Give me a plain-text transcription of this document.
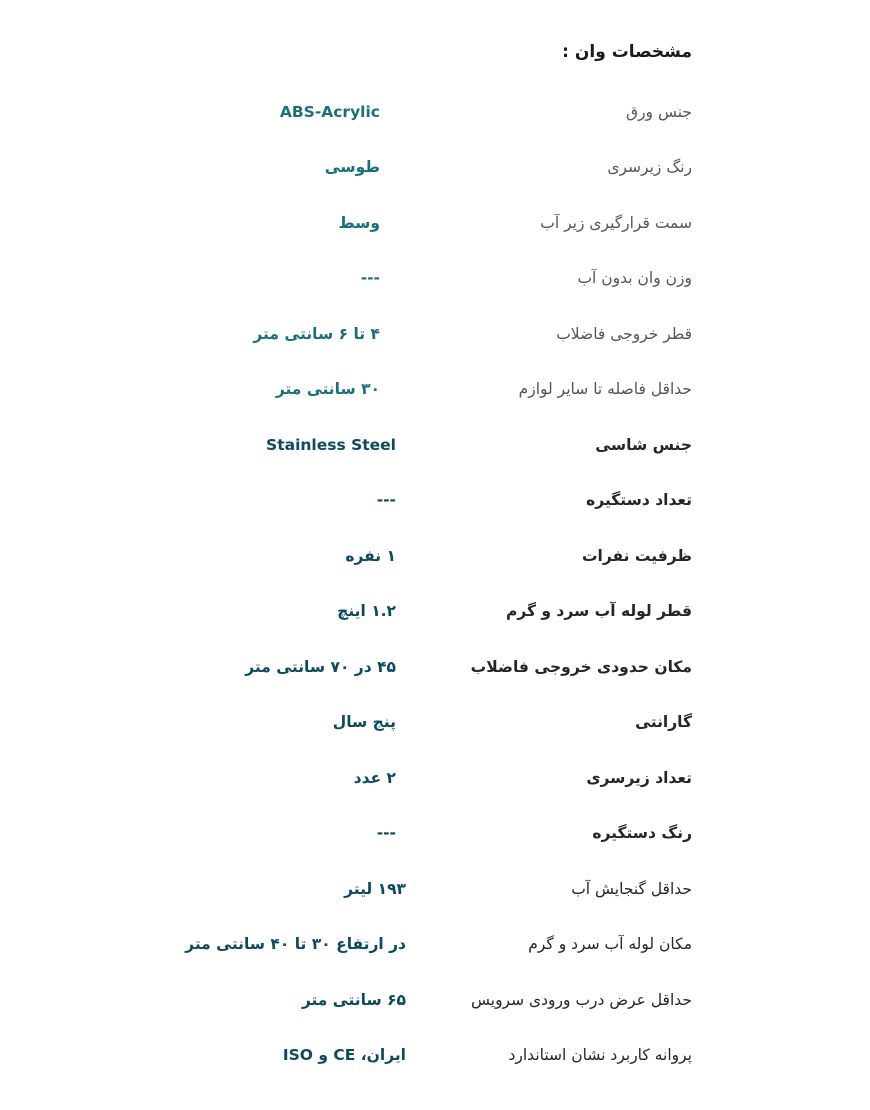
مشخصات وان :
جنس ورق
ABS-Acrylic
رنگ زیرسری
طوسی
سمت قرارگیری زیر آب
وسط
وزن وان بدون آب
---
قطر خروجی فاضلاب
۴ تا ۶ سانتی متر
حداقل فاصله تا سایر لوازم
۳۰ سانتی متر
جنس شاسی
Stainless Steel
تعداد دستگیره
---
ظرفیت نفرات
۱ نفره
قطر لوله آب سرد و گرم
۱.۲ اینچ
مکان حدودی خروجی فاضلاب
۴۵ در ۷۰ سانتی متر
گارانتی
پنج سال
تعداد زیرسری
۲ عدد
رنگ دستگیره
---
حداقل گنجایش آب
۱۹۳ لیتر
مکان لوله آب سرد و گرم
در ارتفاع ۳۰ تا ۴۰ سانتی متر
حداقل عرض درب ورودی سرویس
۶۵ سانتی متر
پروانه کاربرد نشان استاندارد
ایران، CE و ISO
